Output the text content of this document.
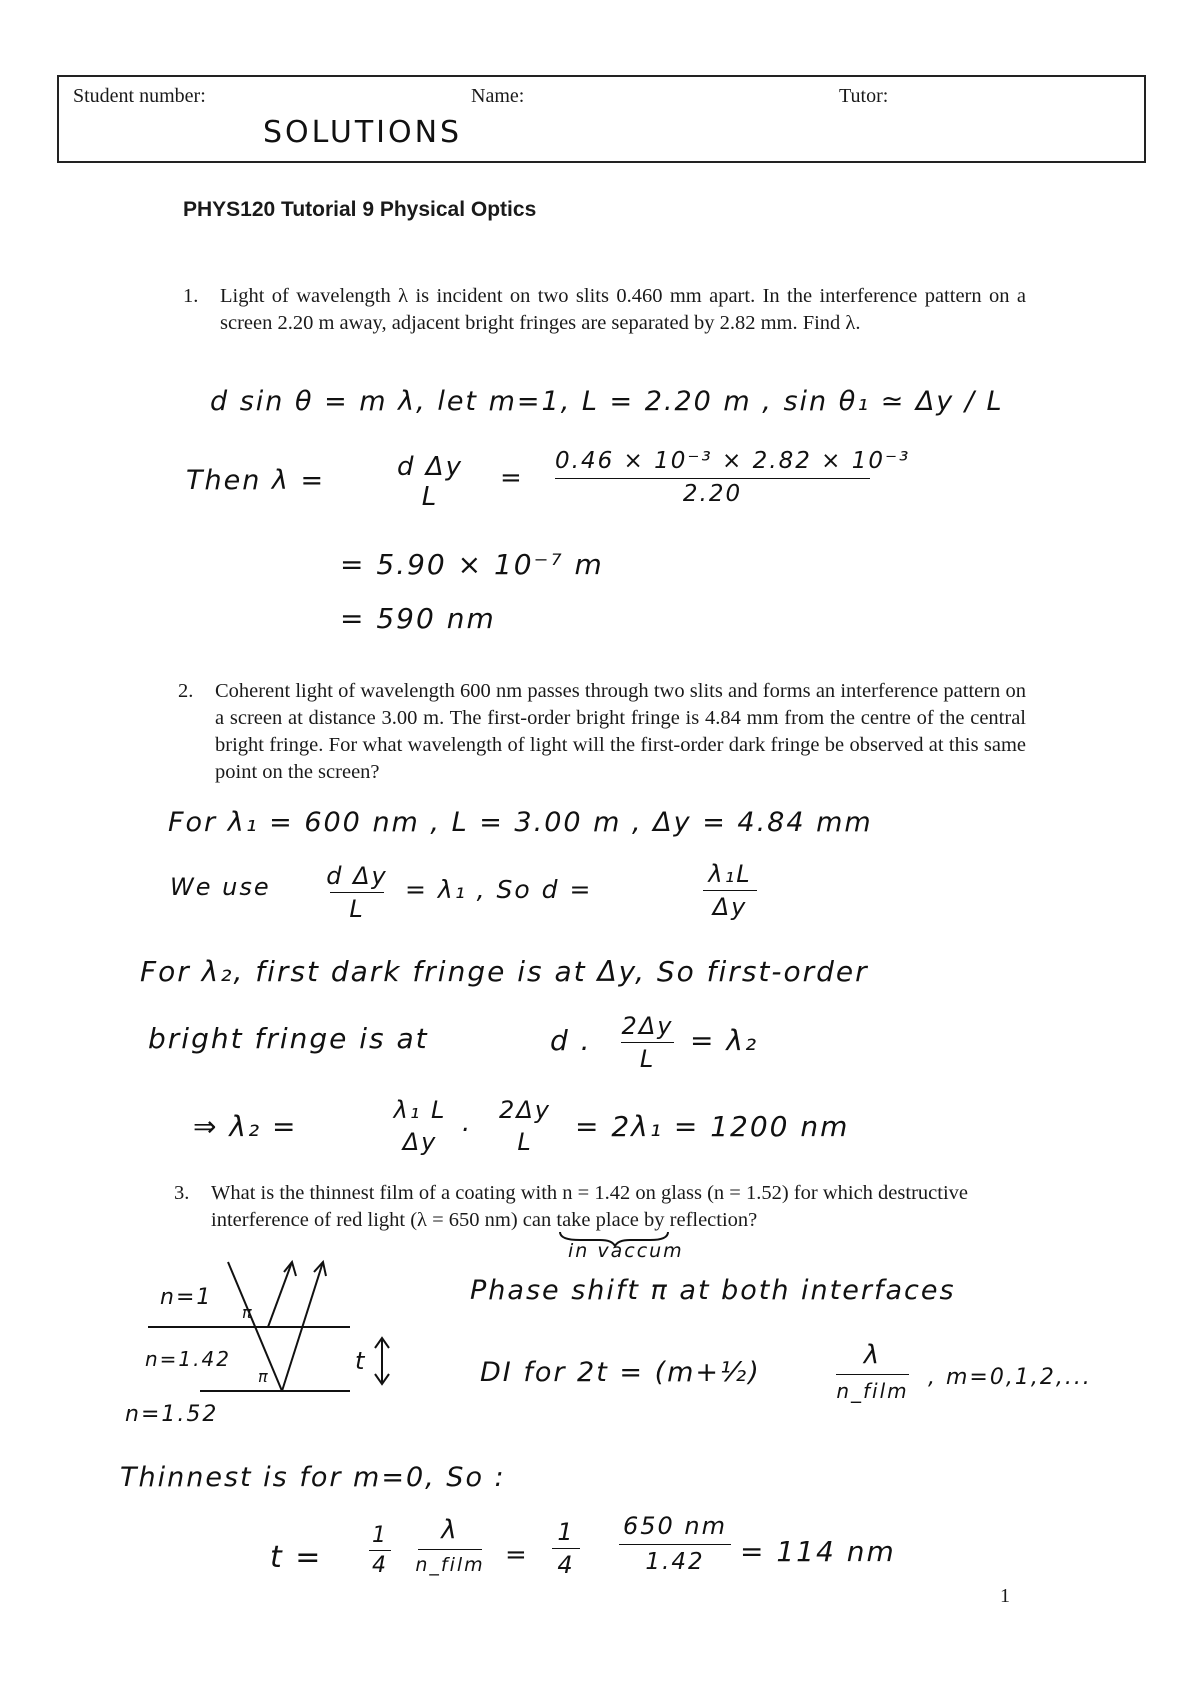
Student number:	Name:	Tutor:
SOLUTIONS
PHYS120 Tutorial 9 Physical Optics
1. Light of wavelength λ is incident on two slits 0.460 mm apart. In the interference pattern on a screen 2.20 m away, adjacent bright fringes are separated by 2.82 mm. Find λ.
d sin θ = m λ, let m=1, L = 2.20 m , sin θ₁ ≃ Δy / L
Then λ =	d Δy
L
=
0.46 × 10⁻³ × 2.82 × 10⁻³
2.20
= 5.90 × 10⁻⁷ m
= 590 nm
2. Coherent light of wavelength 600 nm passes through two slits and forms an interference pattern on a screen at distance 3.00 m. The first-order bright fringe is 4.84 mm from the centre of the central bright fringe. For what wavelength of light will the first-order dark fringe be observed at this same point on the screen?
For λ₁ = 600 nm , L = 3.00 m , Δy = 4.84 mm
We use d Δy
L
= λ₁ , So d =
λ₁L
Δy
For λ₂, first dark fringe is at Δy, So first-order
bright fringe is at	d . 2Δy
L
= λ₂
⇒ λ₂ =	λ₁ L
Δy
.	2Δy
L	= 2λ₁ = 1200 nm
3. What is the thinnest film of a coating with n = 1.42 on glass (n = 1.52) for which destructive interference of red light (λ = 650 nm) can take place by reflection?
in vaccum
n=1
n=1.42
n=1.52
π
π
t
Phase shift π at both interfaces
DI for 2t = (m+½)
λ
n_film
, m=0,1,2,...
Thinnest is for m=0, So :
t =
1
4
λ
n_film =
1
4
650 nm
1.42	= 114 nm
1
